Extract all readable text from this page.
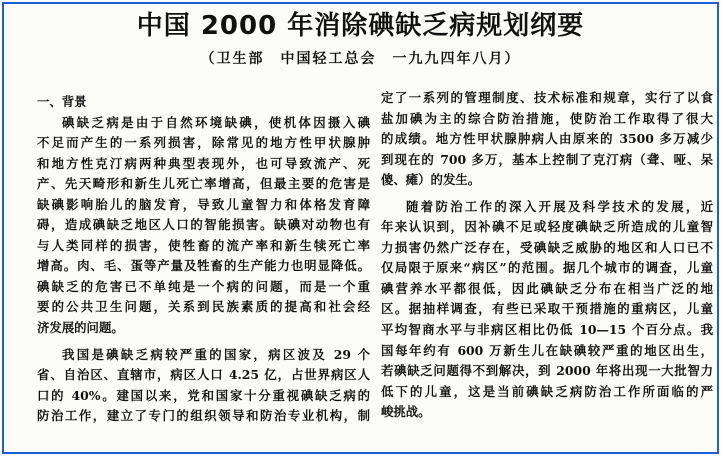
中国 2000 年消除碘缺乏病规划纲要
（卫生部　中国轻工总会　一九九四年八月）
一、背景
碘缺乏病是由于自然环境缺碘，使机体因摄入碘
不足而产生的一系列损害，除常见的地方性甲状腺肿
和地方性克汀病两种典型表现外，也可导致流产、死
产、先天畸形和新生儿死亡率增高，但最主要的危害是
缺碘影响胎儿的脑发育，导致儿童智力和体格发育障
碍，造成碘缺乏地区人口的智能损害。缺碘对动物也有
与人类同样的损害，使牲畜的流产率和新生犊死亡率
增高。肉、毛、蛋等产量及牲畜的生产能力也明显降低。
碘缺乏的危害已不单纯是一个病的问题，而是一个重
要的公共卫生问题，关系到民族素质的提高和社会经
济发展的问题。
我国是碘缺乏病较严重的国家，病区波及 29 个
省、自治区、直辖市，病区人口 4.25 亿，占世界病区人
口的 40%。建国以来，党和国家十分重视碘缺乏病的
防治工作，建立了专门的组织领导和防治专业机构，制
定了一系列的管理制度、技术标准和规章，实行了以食
盐加碘为主的综合防治措施，使防治工作取得了很大
的成绩。地方性甲状腺肿病人由原来的 3500 多万减少
到现在的 700 多万，基本上控制了克汀病（聋、哑、呆
傻、瘫）的发生。
随着防治工作的深入开展及科学技术的发展，近
年来认识到，因补碘不足或轻度碘缺乏所造成的儿童智
力损害仍然广泛存在，受碘缺乏威胁的地区和人口已不
仅局限于原来“病区”的范围。据几个城市的调查，儿童
碘营养水平都很低，因此碘缺乏分布在相当广泛的地
区。据抽样调查，有些已采取干预措施的重病区，儿童
平均智商水平与非病区相比仍低 10—15 个百分点。我
国每年约有 600 万新生儿在缺碘较严重的地区出生，
若碘缺乏问题得不到解决，到 2000 年将出现一大批智力
低下的儿童，这是当前碘缺乏病防治工作所面临的严
峻挑战。
